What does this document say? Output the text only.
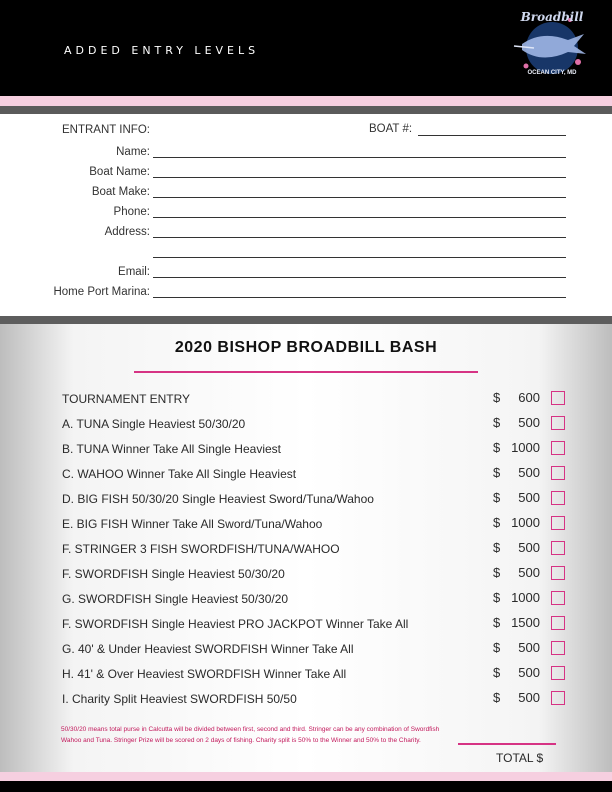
ADDED ENTRY LEVELS
Broadbill
OCEAN CITY, MD
ENTRANT INFO:	BOAT #:
Name:
Boat Name:
Boat Make:
Phone:
Address:
Email:
Home Port Marina:
2020 BISHOP BROADBILL BASH
TOURNAMENT ENTRY	$	600
A. TUNA Single Heaviest 50/30/20	$	500
B. TUNA Winner Take All Single Heaviest	$ 1000
C. WAHOO Winner Take All Single Heaviest	$	500
D. BIG FISH 50/30/20 Single Heaviest Sword/Tuna/Wahoo	$	500
E. BIG FISH Winner Take All Sword/Tuna/Wahoo	$ 1000
F. STRINGER 3 FISH SWORDFISH/TUNA/WAHOO	$	500
F. SWORDFISH Single Heaviest 50/30/20	$	500
G. SWORDFISH Single Heaviest 50/30/20	$ 1000
F. SWORDFISH Single Heaviest PRO JACKPOT Winner Take All	$ 1500
G. 40' & Under Heaviest SWORDFISH Winner Take All	$	500
H. 41' & Over Heaviest SWORDFISH Winner Take All	$	500
I. Charity Split Heaviest SWORDFISH 50/50	$	500
50/30/20 means total purse in Calcutta will be divided between first, second and third. Stringer can be any combination of Swordfish Wahoo and Tuna. Stringer Prize will be scored on 2 days of fishing. Charity split is 50% to the Winner and 50% to the Charity.
TOTAL $
